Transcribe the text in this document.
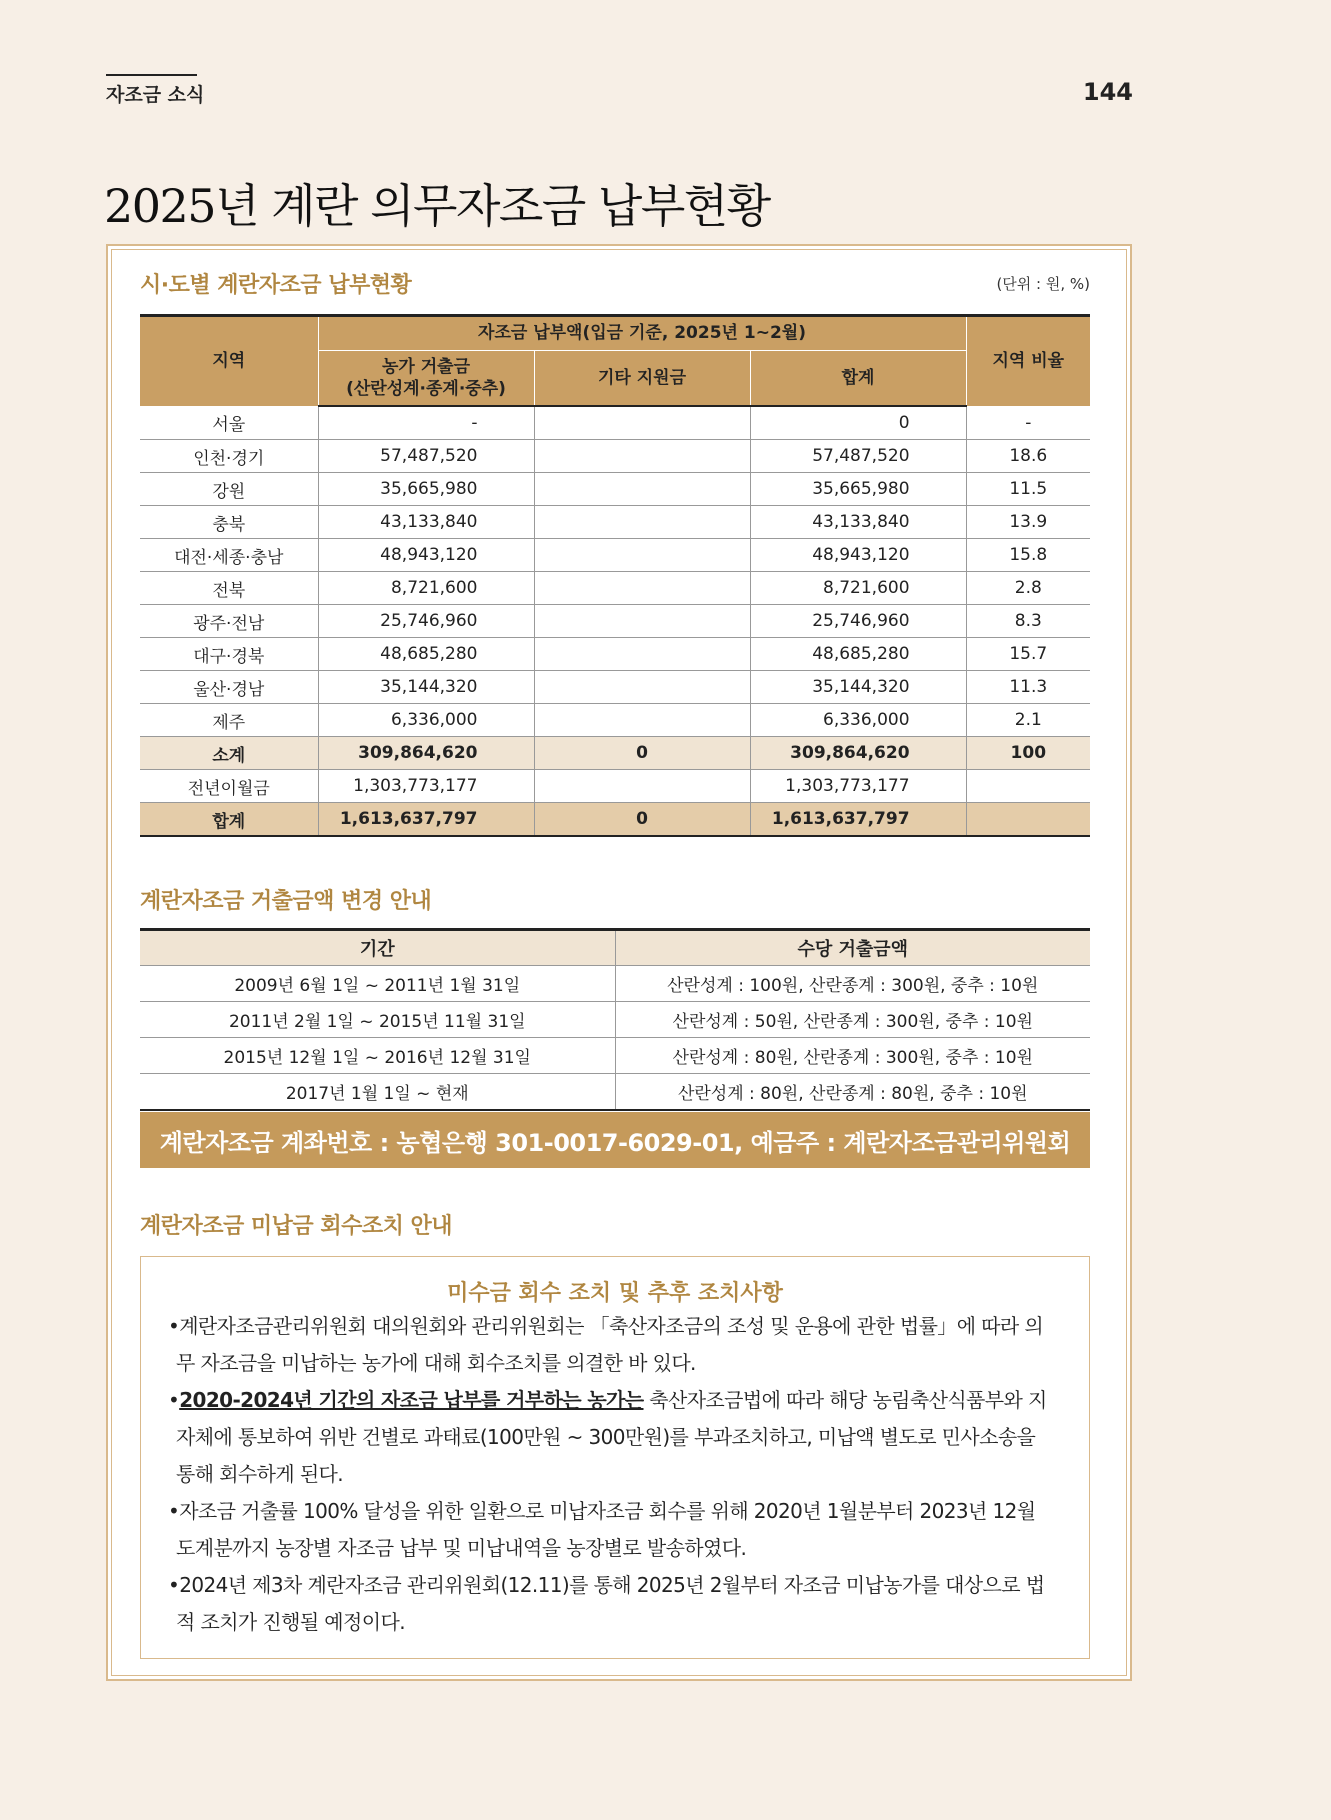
자조금 소식	144
2025년 계란 의무자조금 납부현황
시·도별 계란자조금 납부현황	(단위 : 원, %)
지역	자조금 납부액(입금 기준, 2025년 1~2월)			지역 비율
	농가 거출금
(산란성계·종계·중추)	기타 지원금	합계	
서울	-		0	-
인천·경기	57,487,520		57,487,520	18.6
강원	35,665,980		35,665,980	11.5
충북	43,133,840		43,133,840	13.9
대전·세종·충남	48,943,120		48,943,120	15.8
전북	8,721,600		8,721,600	2.8
광주·전남	25,746,960		25,746,960	8.3
대구·경북	48,685,280		48,685,280	15.7
울산·경남	35,144,320		35,144,320	11.3
제주	6,336,000		6,336,000	2.1
소계	309,864,620	0	309,864,620	100
전년이월금	1,303,773,177		1,303,773,177	
합계	1,613,637,797	0	1,613,637,797	
계란자조금 거출금액 변경 안내
기간	수당 거출금액
2009년 6월 1일 ~ 2011년 1월 31일	산란성계 : 100원, 산란종계 : 300원, 중추 : 10원
2011년 2월 1일 ~ 2015년 11월 31일	산란성계 : 50원, 산란종계 : 300원, 중추 : 10원
2015년 12월 1일 ~ 2016년 12월 31일	산란성계 : 80원, 산란종계 : 300원, 중추 : 10원
2017년 1월 1일 ~ 현재	산란성계 : 80원, 산란종계 : 80원, 중추 : 10원
계란자조금 계좌번호 : 농협은행 301-0017-6029-01, 예금주 : 계란자조금관리위원회
계란자조금 미납금 회수조치 안내
미수금 회수 조치 및 추후 조치사항
•계란자조금관리위원회 대의원회와 관리위원회는 「축산자조금의 조성 및 운용에 관한 법률」에 따라 의무 자조금을 미납하는 농가에 대해 회수조치를 의결한 바 있다.
•2020-2024년 기간의 자조금 납부를 거부하는 농가는 축산자조금법에 따라 해당 농림축산식품부와 지자체에 통보하여 위반 건별로 과태료(100만원 ~ 300만원)를 부과조치하고, 미납액 별도로 민사소송을 통해 회수하게 된다.
•자조금 거출률 100% 달성을 위한 일환으로 미납자조금 회수를 위해 2020년 1월분부터 2023년 12월 도계분까지 농장별 자조금 납부 및 미납내역을 농장별로 발송하였다.
•2024년 제3차 계란자조금 관리위원회(12.11)를 통해 2025년 2월부터 자조금 미납농가를 대상으로 법적 조치가 진행될 예정이다.
